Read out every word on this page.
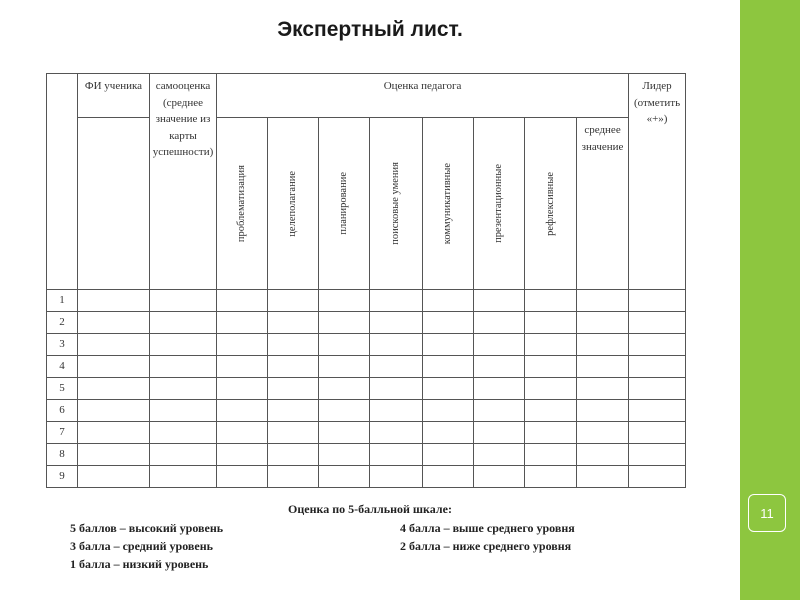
Экспертный лист.
	ФИ ученика	самооценка (среднее значение из карты успешности)	Оценка педагога								Лидер (отметить «+»)

			проблематизация	целеполагание	планирование	поисковые умения	коммуникативные	презентационные	рефлексивные	среднее значение	
1											
2											
3											
4											
5											
6											
7											
8											
9											
Оценка по 5-балльной шкале:
5 баллов – высокий уровень	4 балла – выше среднего уровня
3 балла – средний уровень	2 балла – ниже среднего уровня
1 балла – низкий уровень
11
